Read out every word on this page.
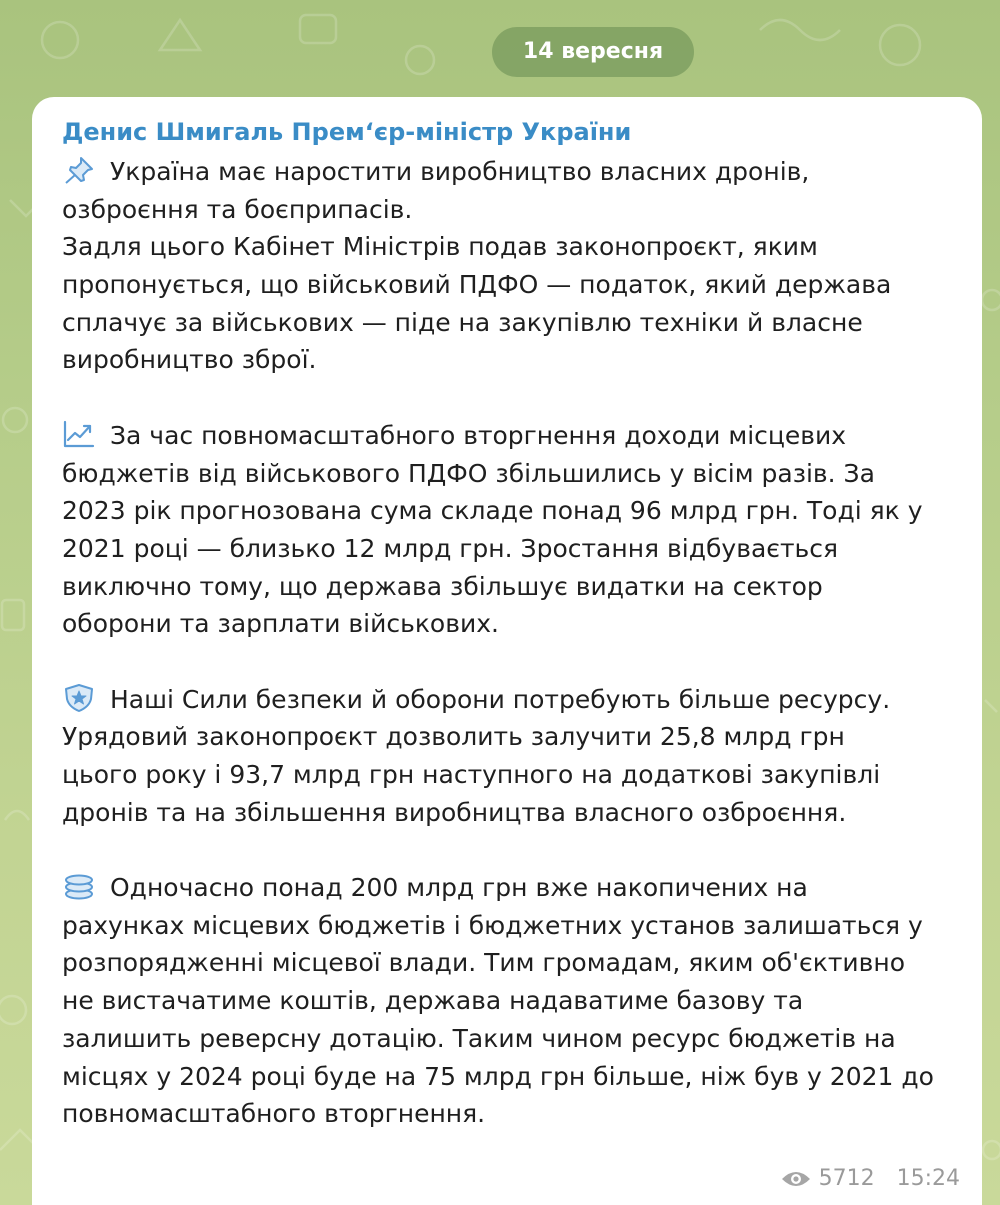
14 вересня
Денис Шмигаль Прем‘єр-міністр України
Україна має наростити виробництво власних дронів,
озброєння та боєприпасів.
Задля цього Кабінет Міністрів подав законопроєкт, яким
пропонується, що військовий ПДФО — податок, який держава
сплачує за військових — піде на закупівлю техніки й власне
виробництво зброї.
За час повномасштабного вторгнення доходи місцевих
бюджетів від військового ПДФО збільшились у вісім разів. За
2023 рік прогнозована сума складе понад 96 млрд грн. Тоді як у
2021 році — близько 12 млрд грн. Зростання відбувається
виключно тому, що держава збільшує видатки на сектор
оборони та зарплати військових.
Наші Сили безпеки й оборони потребують більше ресурсу.
Урядовий законопроєкт дозволить залучити 25,8 млрд грн
цього року і 93,7 млрд грн наступного на додаткові закупівлі
дронів та на збільшення виробництва власного озброєння.
Одночасно понад 200 млрд грн вже накопичених на
рахунках місцевих бюджетів і бюджетних установ залишаться у
розпорядженні місцевої влади. Тим громадам, яким об'єктивно
не вистачатиме коштів, держава надаватиме базову та
залишить реверсну дотацію. Таким чином ресурс бюджетів на
місцях у 2024 році буде на 75 млрд грн більше, ніж був у 2021 до
повномасштабного вторгнення.
5712 15:24
